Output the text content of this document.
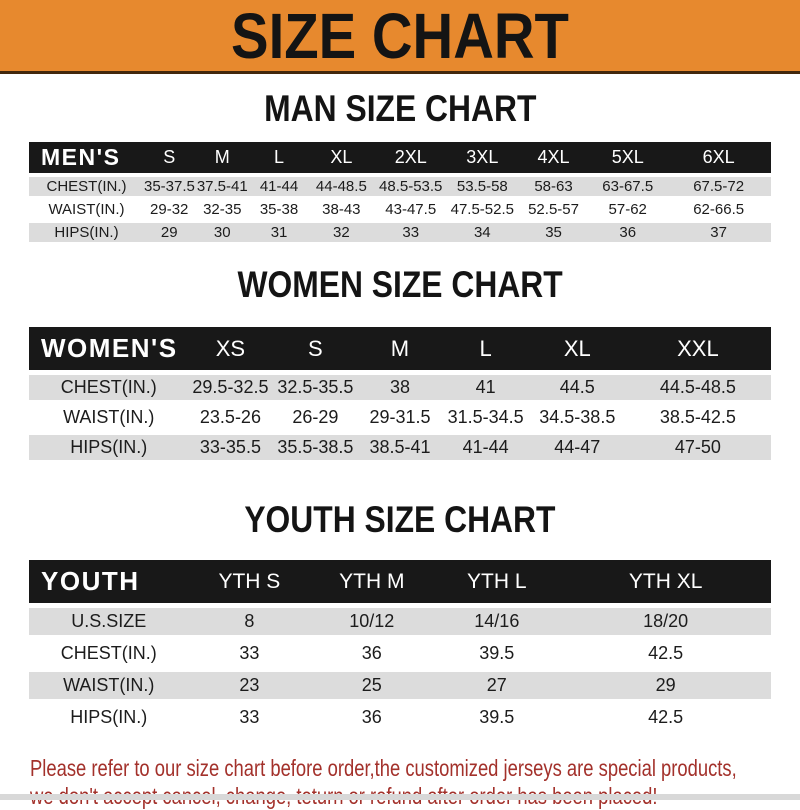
SIZE CHART
MAN SIZE CHART
MEN'S	S	M	L	XL	2XL	3XL	4XL	5XL	6XL
CHEST(IN.)	35-37.5	37.5-41	41-44	44-48.5	48.5-53.5	53.5-58	58-63	63-67.5	67.5-72
WAIST(IN.)	29-32	32-35	35-38	38-43	43-47.5	47.5-52.5	52.5-57	57-62	62-66.5
HIPS(IN.)	29	30	31	32	33	34	35	36	37
WOMEN SIZE CHART
WOMEN'S	XS	S	M	L	XL	XXL
CHEST(IN.)	29.5-32.5	32.5-35.5	38	41	44.5	44.5-48.5
WAIST(IN.)	23.5-26	26-29	29-31.5	31.5-34.5	34.5-38.5	38.5-42.5
HIPS(IN.)	33-35.5	35.5-38.5	38.5-41	41-44	44-47	47-50
YOUTH SIZE CHART
YOUTH	YTH S	YTH M	YTH L	YTH XL
U.S.SIZE	8	10/12	14/16	18/20
CHEST(IN.)	33	36	39.5	42.5
WAIST(IN.)	23	25	27	29
HIPS(IN.)	33	36	39.5	42.5

Please refer to our size chart before order,the customized jerseys are special products,
